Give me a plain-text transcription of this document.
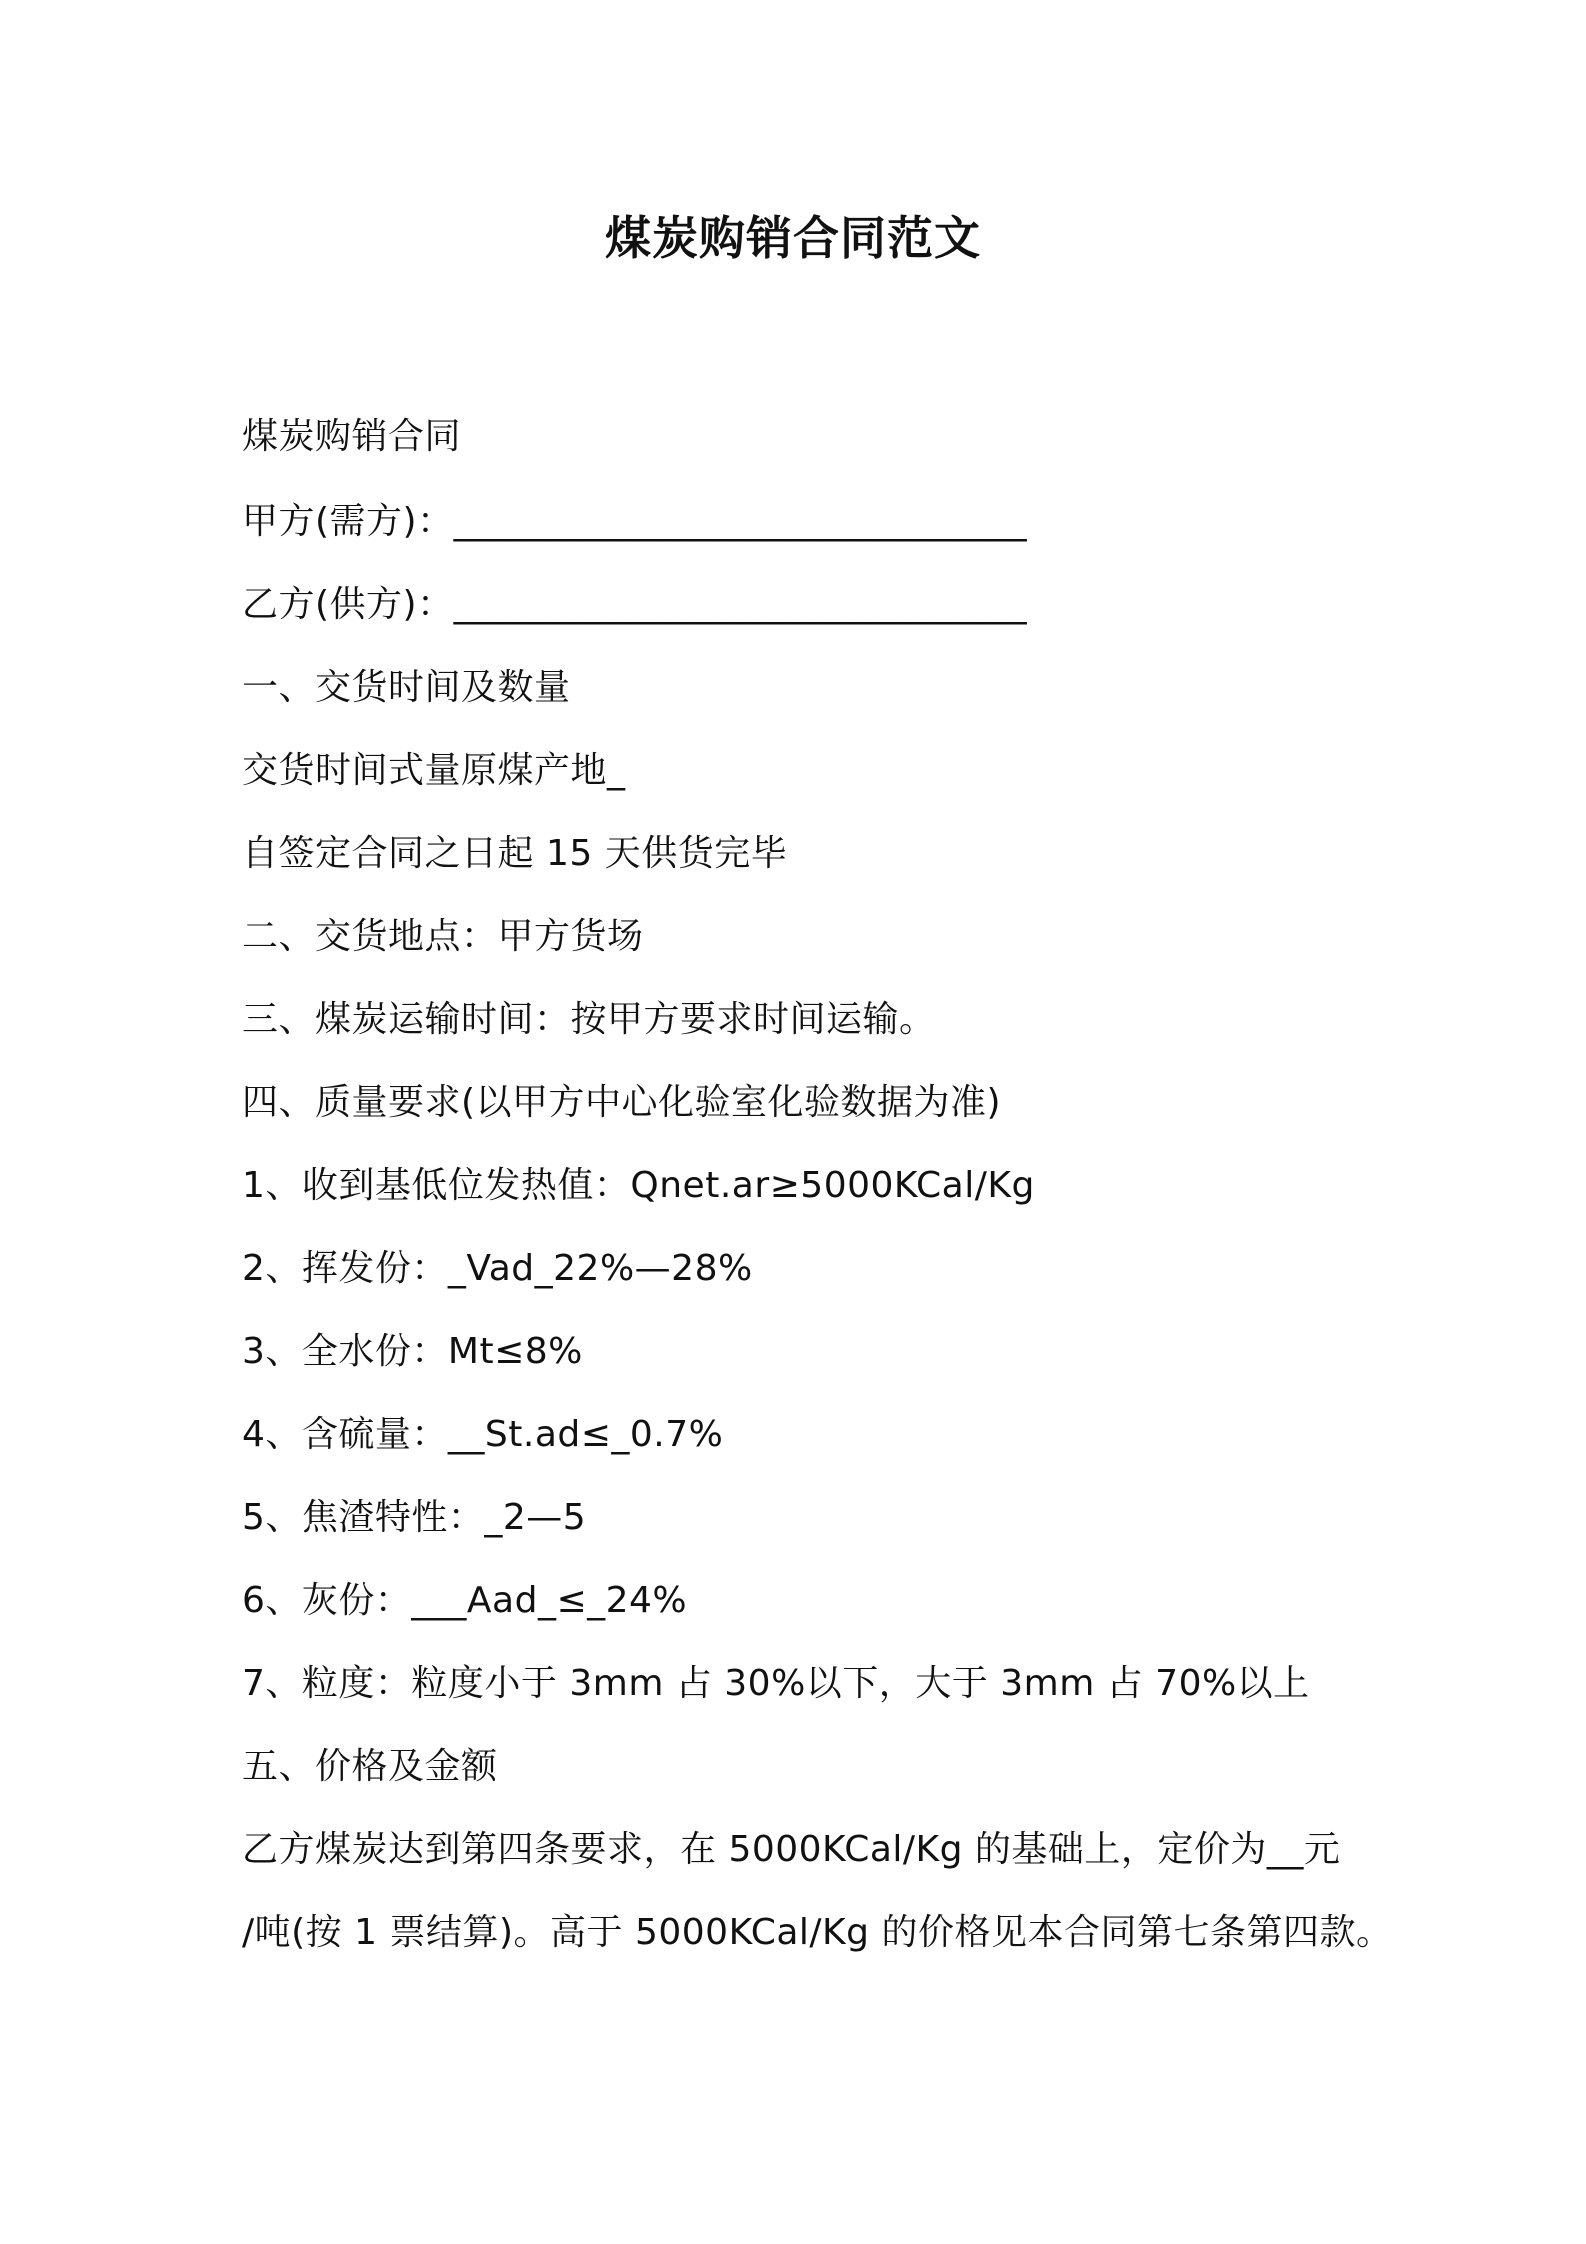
煤炭购销合同范文
煤炭购销合同
甲方(需方)：_______________________________
乙方(供方)：_______________________________
一、交货时间及数量
交货时间式量原煤产地_
自签定合同之日起 15 天供货完毕
二、交货地点：甲方货场
三、煤炭运输时间：按甲方要求时间运输。
四、质量要求(以甲方中心化验室化验数据为准)
1、收到基低位发热值：Qnet.ar≥5000KCal/Kg
2、挥发份：_Vad_22%—28%
3、全水份：Mt≤8%
4、含硫量：__St.ad≤_0.7%
5、焦渣特性：_2—5
6、灰份：___Aad_≤_24%
7、粒度：粒度小于 3mm 占 30%以下，大于 3mm 占 70%以上
五、价格及金额
乙方煤炭达到第四条要求，在 5000KCal/Kg 的基础上，定价为__元
/吨(按 1 票结算)。高于 5000KCal/Kg 的价格见本合同第七条第四款。
